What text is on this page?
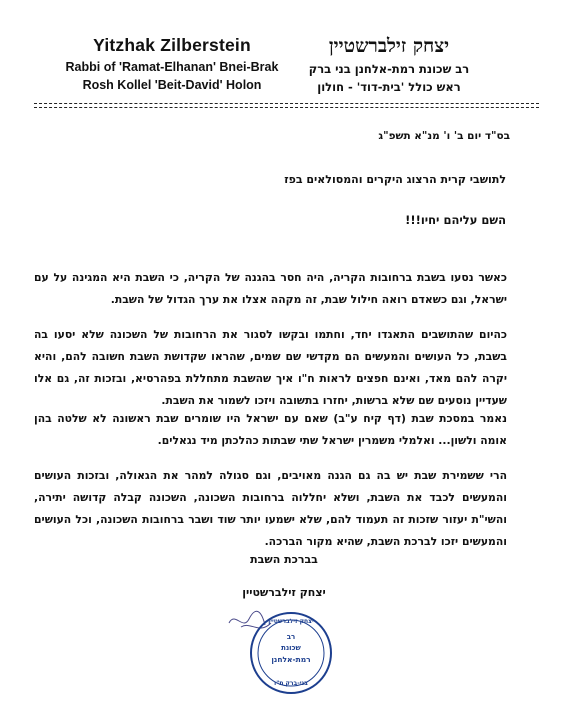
Yitzhak Zilberstein
Rabbi of 'Ramat-Elhanan' Bnei-Brak
Rosh Kollel 'Beit-David' Holon
יצחק זילברשטיין
רב שכונת רמת-אלחנן בני ברק
ראש כולל 'בית-דוד' - חולון
בס"ד יום ב' ו' מנ"א תשפ"ג
לתושבי קרית הרצוג היקרים והמסולאים בפז
השם עליהם יחיו!!!

כאשר נסעו בשבת ברחובות הקריה, היה חסר בהגנה של הקריה, כי השבת היא המגינה על עם ישראל, וגם כשאדם רואה חילול שבת, זה מקהה אצלו את ערך הגדול של השבת.

כהיום שהתושבים התאגדו יחד, וחתמו ובקשו לסגור את הרחובות של השכונה שלא יסעו בה בשבת, כל העושים והמעשים הם מקדשי שם שמים, שהראו שקדושת השבת חשובה להם, והיא יקרה להם מאד, ואינם חפצים לראות ח"ו איך שהשבת מתחללת בפהרסיא, ובזכות זה, גם אלו שעדיין נוסעים שם שלא ברשות, יחזרו בתשובה ויזכו לשמור את השבת.

נאמר במסכת שבת (דף קיח ע"ב) שאם עם ישראל היו שומרים שבת ראשונה לא שלטה בהן אומה ולשון... ואלמלי משמרין ישראל שתי שבתות כהלכתן מיד נגאלים.

הרי ששמירת שבת יש בה גם הגנה מאויבים, וגם סגולה למהר את הגאולה, ובזכות העושים והמעשים לכבד את השבת, ושלא יחללוה ברחובות השכונה, השכונה קבלה קדושה יתירה, והשי"ת יעזור שזכות זה תעמוד להם, שלא ישמעו יותר שוד ושבר ברחובות השכונה, וכל העושים והמעשים יזכו לברכת השבת, שהיא מקור הברכה.

בברכת השבת
יצחק זילברשטיין
יצחק זילברשטיין
רב
שכונת
רמת-אלחנן
בני-ברק ת"ו
